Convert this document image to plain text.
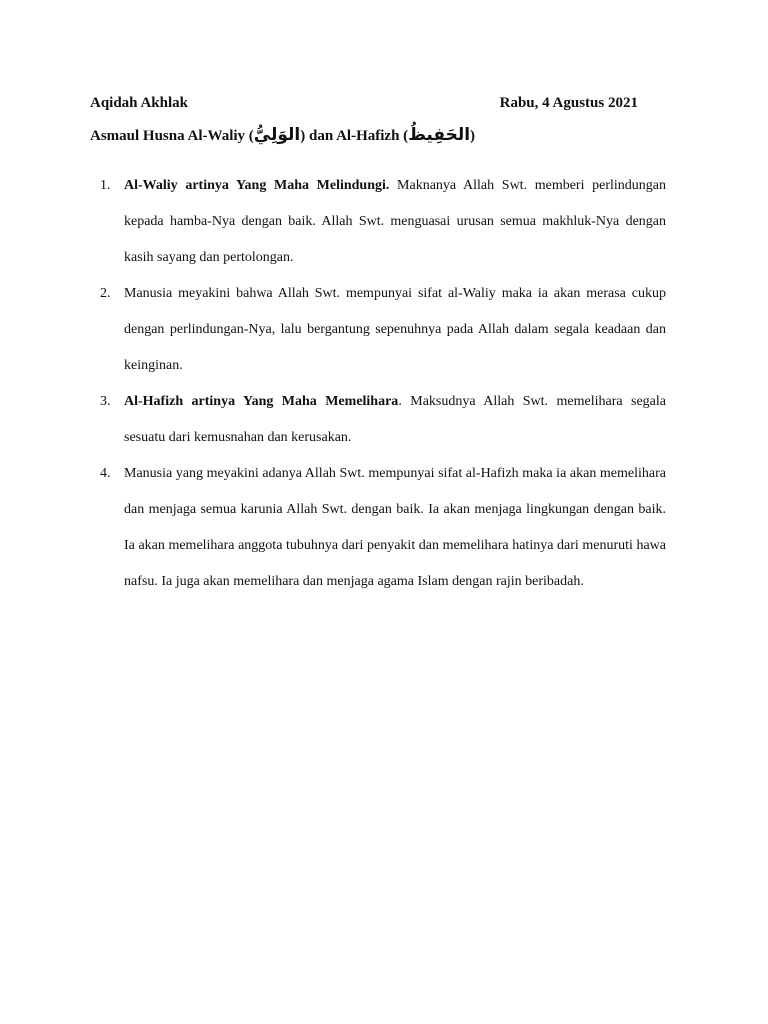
Aqidah Akhlak	Rabu, 4 Agustus 2021
Asmaul Husna Al-Waliy (الوَلِيُّ) dan Al-Hafizh (الحَفِيظُ)
1. Al-Waliy artinya Yang Maha Melindungi. Maknanya Allah Swt. memberi perlindungan kepada hamba-Nya dengan baik. Allah Swt. menguasai urusan semua makhluk-Nya dengan kasih sayang dan pertolongan.
2. Manusia meyakini bahwa Allah Swt. mempunyai sifat al-Waliy maka ia akan merasa cukup dengan perlindungan-Nya, lalu bergantung sepenuhnya pada Allah dalam segala keadaan dan keinginan.
3. Al-Hafizh artinya Yang Maha Memelihara. Maksudnya Allah Swt. memelihara segala sesuatu dari kemusnahan dan kerusakan.
4. Manusia yang meyakini adanya Allah Swt. mempunyai sifat al-Hafizh maka ia akan memelihara dan menjaga semua karunia Allah Swt. dengan baik. Ia akan menjaga lingkungan dengan baik. Ia akan memelihara anggota tubuhnya dari penyakit dan memelihara hatinya dari menuruti hawa nafsu. Ia juga akan memelihara dan menjaga agama Islam dengan rajin beribadah.
